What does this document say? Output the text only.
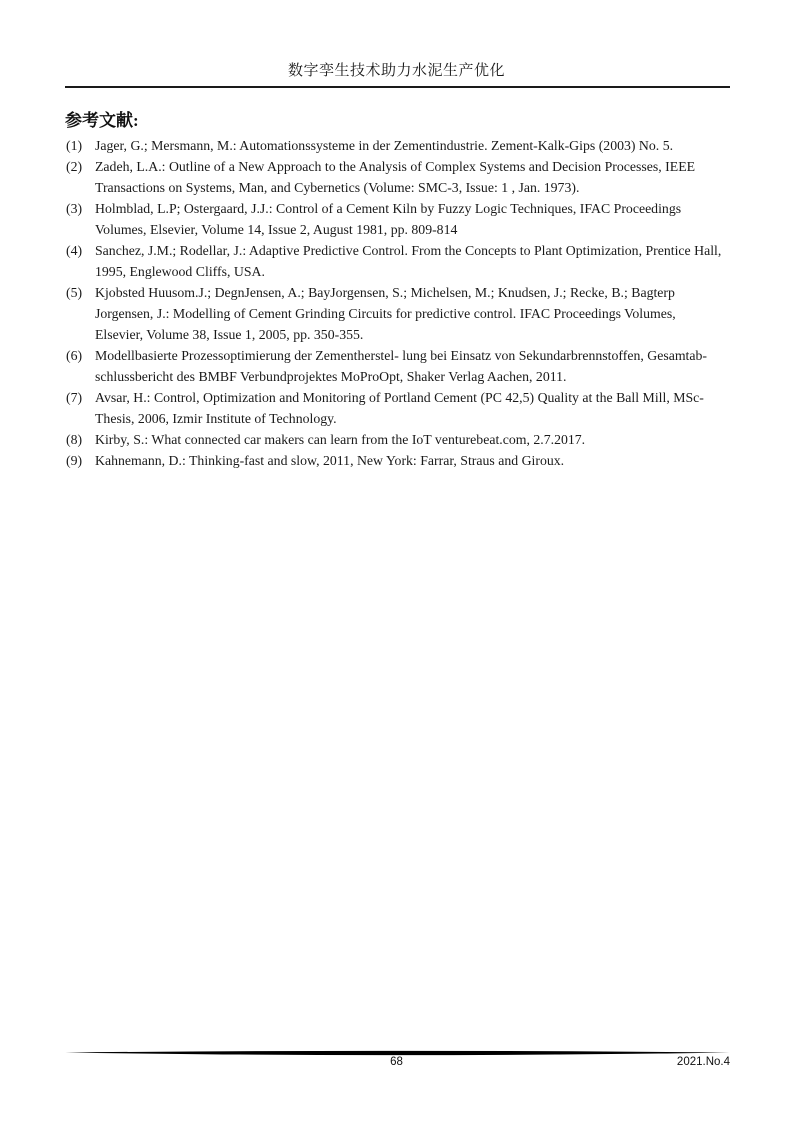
数字孪生技术助力水泥生产优化
参考文献:
(1) Jager, G.; Mersmann, M.: Automationssysteme in der Zementindustrie. Zement-Kalk-Gips (2003) No. 5.
(2) Zadeh, L.A.: Outline of a New Approach to the Analysis of Complex Systems and Decision Processes, IEEE
Transactions on Systems, Man, and Cybernetics (Volume: SMC-3, Issue: 1 , Jan. 1973).
(3) Holmblad, L.P; Ostergaard, J.J.: Control of a Cement Kiln by Fuzzy Logic Techniques, IFAC Proceedings
Volumes, Elsevier, Volume 14, Issue 2, August 1981, pp. 809-814
(4) Sanchez, J.M.; Rodellar, J.: Adaptive Predictive Control. From the Concepts to Plant Optimization, Prentice Hall,
1995, Englewood Cliffs, USA.
(5) Kjobsted Huusom.J.; DegnJensen, A.; BayJorgensen, S.; Michelsen, M.; Knudsen, J.; Recke, B.; Bagterp
Jorgensen, J.: Modelling of Cement Grinding Circuits for predictive control. IFAC Proceedings Volumes,
Elsevier, Volume 38, Issue 1, 2005, pp. 350-355.
(6) Modellbasierte Prozessoptimierung der Zementherstel- lung bei Einsatz von Sekundarbrennstoffen, Gesamtab-
schlussbericht des BMBF Verbundprojektes MoProOpt, Shaker Verlag Aachen, 2011.
(7) Avsar, H.: Control, Optimization and Monitoring of Portland Cement (PC 42,5) Quality at the Ball Mill, MSc-
Thesis, 2006, Izmir Institute of Technology.
(8) Kirby, S.: What connected car makers can learn from the IoT venturebeat.com, 2.7.2017.
(9) Kahnemann, D.: Thinking-fast and slow, 2011, New York: Farrar, Straus and Giroux.
68	2021.No.4
